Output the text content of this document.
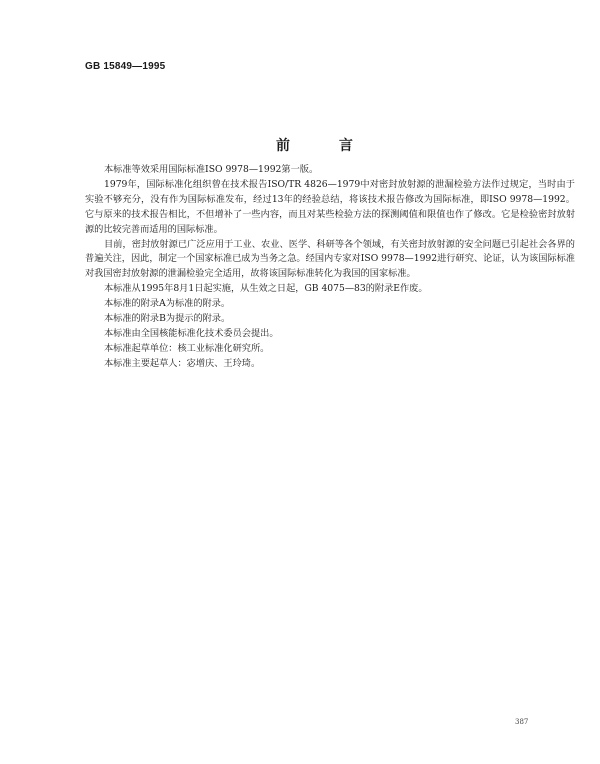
GB 15849—1995
前 言

本标准等效采用国际标准ISO 9978—1992第一版。

1979年，国际标准化组织曾在技术报告ISO/TR 4826—1979中对密封放射源的泄漏检验方法作过规定，当时由于实验不够充分，没有作为国际标准发布，经过13年的经验总结，将该技术报告修改为国际标准，即ISO 9978—1992。它与原来的技术报告相比，不但增补了一些内容，而且对某些检验方法的探测阈值和限值也作了修改。它是检验密封放射源的比较完善而适用的国际标准。

目前，密封放射源已广泛应用于工业、农业、医学、科研等各个领域，有关密封放射源的安全问题已引起社会各界的普遍关注，因此，制定一个国家标准已成为当务之急。经国内专家对ISO 9978—1992进行研究、论证，认为该国际标准对我国密封放射源的泄漏检验完全适用，故将该国际标准转化为我国的国家标准。

本标准从1995年8月1日起实施，从生效之日起，GB 4075—83的附录E作废。

本标准的附录A为标准的附录。

本标准的附录B为提示的附录。

本标准由全国核能标准化技术委员会提出。

本标准起草单位：核工业标准化研究所。

本标准主要起草人：宓增庆、王玲琦。

387
